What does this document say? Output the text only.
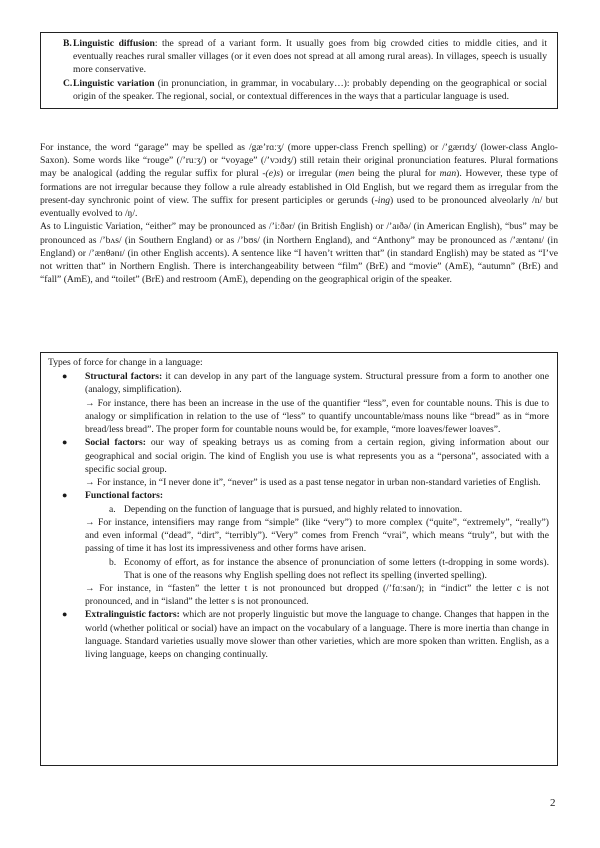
B. Linguistic diffusion: the spread of a variant form. It usually goes from big crowded cities to middle cities, and it eventually reaches rural smaller villages (or it even does not spread at all among rural areas). In villages, speech is usually more conservative.
C. Linguistic variation (in pronunciation, in grammar, in vocabulary…): probably depending on the geographical or social origin of the speaker. The regional, social, or contextual differences in the ways that a particular language is used.

For instance, the word “garage” may be spelled as /gæ’rɑːʒ/ (more upper-class French spelling) or /’gærɪdʒ/ (lower-class Anglo-Saxon). Some words like “rouge” (/’ruːʒ/) or “voyage” (/’vɔɪdʒ/) still retain their original pronunciation features. Plural formations may be analogical (adding the regular suffix for plural -(e)s) or irregular (men being the plural for man). However, these type of formations are not irregular because they follow a rule already established in Old English, but we regard them as irregular from the present-day synchronic point of view. The suffix for present participles or gerunds (-ing) used to be pronounced alveolarly /n/ but eventually evolved to /ŋ/.

As to Linguistic Variation, “either” may be pronounced as /’iːðər/ (in British English) or /’aɪðə/ (in American English), “bus” may be pronounced as /’bʌs/ (in Southern England) or as /’bʊs/ (in Northern England), and “Anthony” may be pronounced as /’æntənɪ/ (in England) or /’ænθənɪ/ (in other English accents). A sentence like “I haven’t written that” (in standard English) may be stated as “I’ve not written that” in Northern English. There is interchangeability between “film” (BrE) and “movie” (AmE), “autumn” (BrE) and “fall” (AmE), and “toilet” (BrE) and restroom (AmE), depending on the geographical origin of the speaker.

Types of force for change in a language:

● Structural factors: it can develop in any part of the language system. Structural pressure from a form to another one (analogy, simplification).
→ For instance, there has been an increase in the use of the quantifier “less”, even for countable nouns. This is due to analogy or simplification in relation to the use of “less” to quantify uncountable/mass nouns like “bread” as in “more bread/less bread”. The proper form for countable nouns would be, for example, “more loaves/fewer loaves”.
● Social factors: our way of speaking betrays us as coming from a certain region, giving information about our geographical and social origin. The kind of English you use is what represents you as a “persona”, associated with a specific social group.
→ For instance, in “I never done it”, “never” is used as a past tense negator in urban non-standard varieties of English.
● Functional factors:
a. Depending on the function of language that is pursued, and highly related to innovation.
→ For instance, intensifiers may range from “simple” (like “very”) to more complex (“quite”, “extremely”, “really”) and even informal (“dead”, “dirt”, “terribly”). “Very” comes from French “vrai”, which means “truly”, but with the passing of time it has lost its impressiveness and other forms have arisen.
b. Economy of effort, as for instance the absence of pronunciation of some letters (t-dropping in some words). That is one of the reasons why English spelling does not reflect its spelling (inverted spelling).
→ For instance, in “fasten” the letter t is not pronounced but dropped (/’fɑːsən/); in “indict” the letter c is not pronounced, and in “island” the letter s is not pronounced.
● Extralinguistic factors: which are not properly linguistic but move the language to change. Changes that happen in the world (whether political or social) have an impact on the vocabulary of a language. There is more inertia than change in language. Standard varieties usually move slower than other varieties, which are more spoken than written. English, as a living language, keeps on changing continually.
2
